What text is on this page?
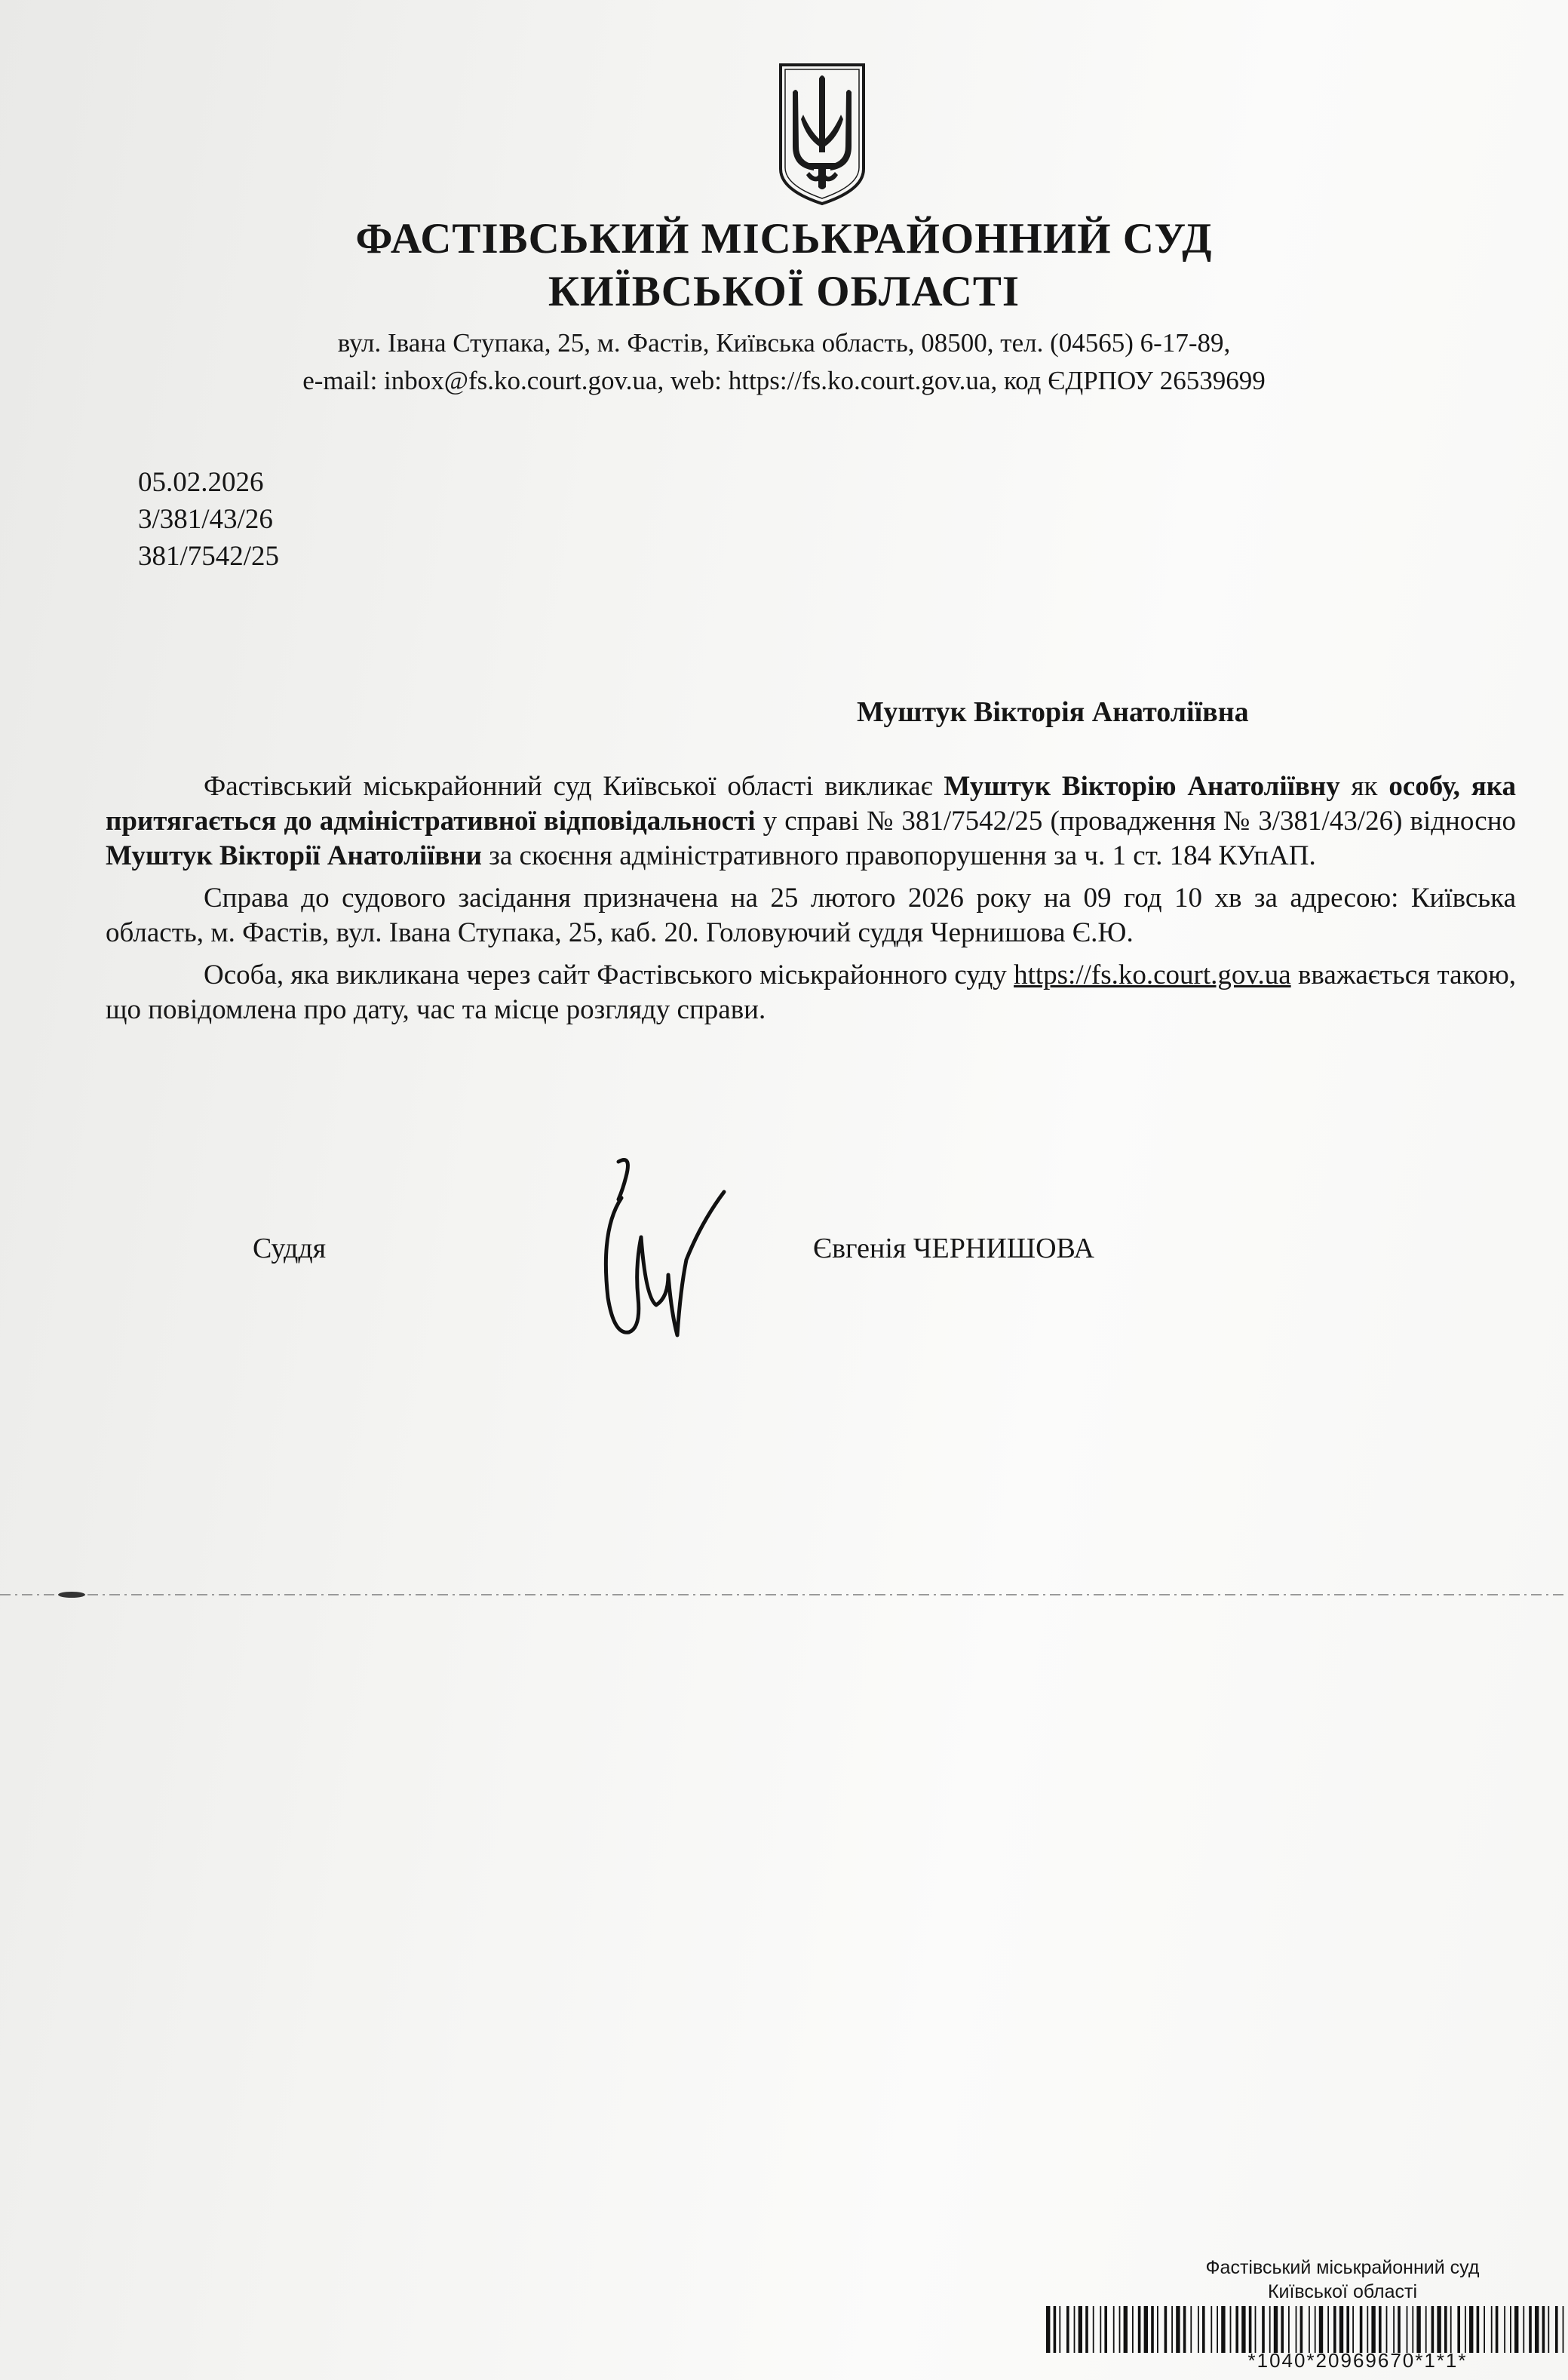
ФАСТІВСЬКИЙ МІСЬКРАЙОННИЙ СУД
КИЇВСЬКОЇ ОБЛАСТІ
вул. Івана Ступака, 25, м. Фастів, Київська область, 08500, тел. (04565) 6-17-89,
e-mail: inbox@fs.ko.court.gov.ua, web: https://fs.ko.court.gov.ua, код ЄДРПОУ 26539699
05.02.2026
3/381/43/26
381/7542/25
Муштук Вікторія Анатоліївна

Фастівський міськрайонний суд Київської області викликає Муштук Вікторію Анатоліївну як особу, яка притягається до адміністративної відповідальності у справі № 381/7542/25 (провадження № 3/381/43/26) відносно Муштук Вікторії Анатоліївни за скоєння адміністративного правопорушення за ч. 1 ст. 184 КУпАП.

Справа до судового засідання призначена на 25 лютого 2026 року на 09 год 10 хв за адресою: Київська область, м. Фастів, вул. Івана Ступака, 25, каб. 20. Головуючий суддя Чернишова Є.Ю.

Особа, яка викликана через сайт Фастівського міськрайонного суду https://fs.ko.court.gov.ua вважається такою, що повідомлена про дату, час та місце розгляду справи.

Суддя	Євгенія ЧЕРНИШОВА
Фастівський міськрайонний суд
Київської області
*1040*20969670*1*1*
